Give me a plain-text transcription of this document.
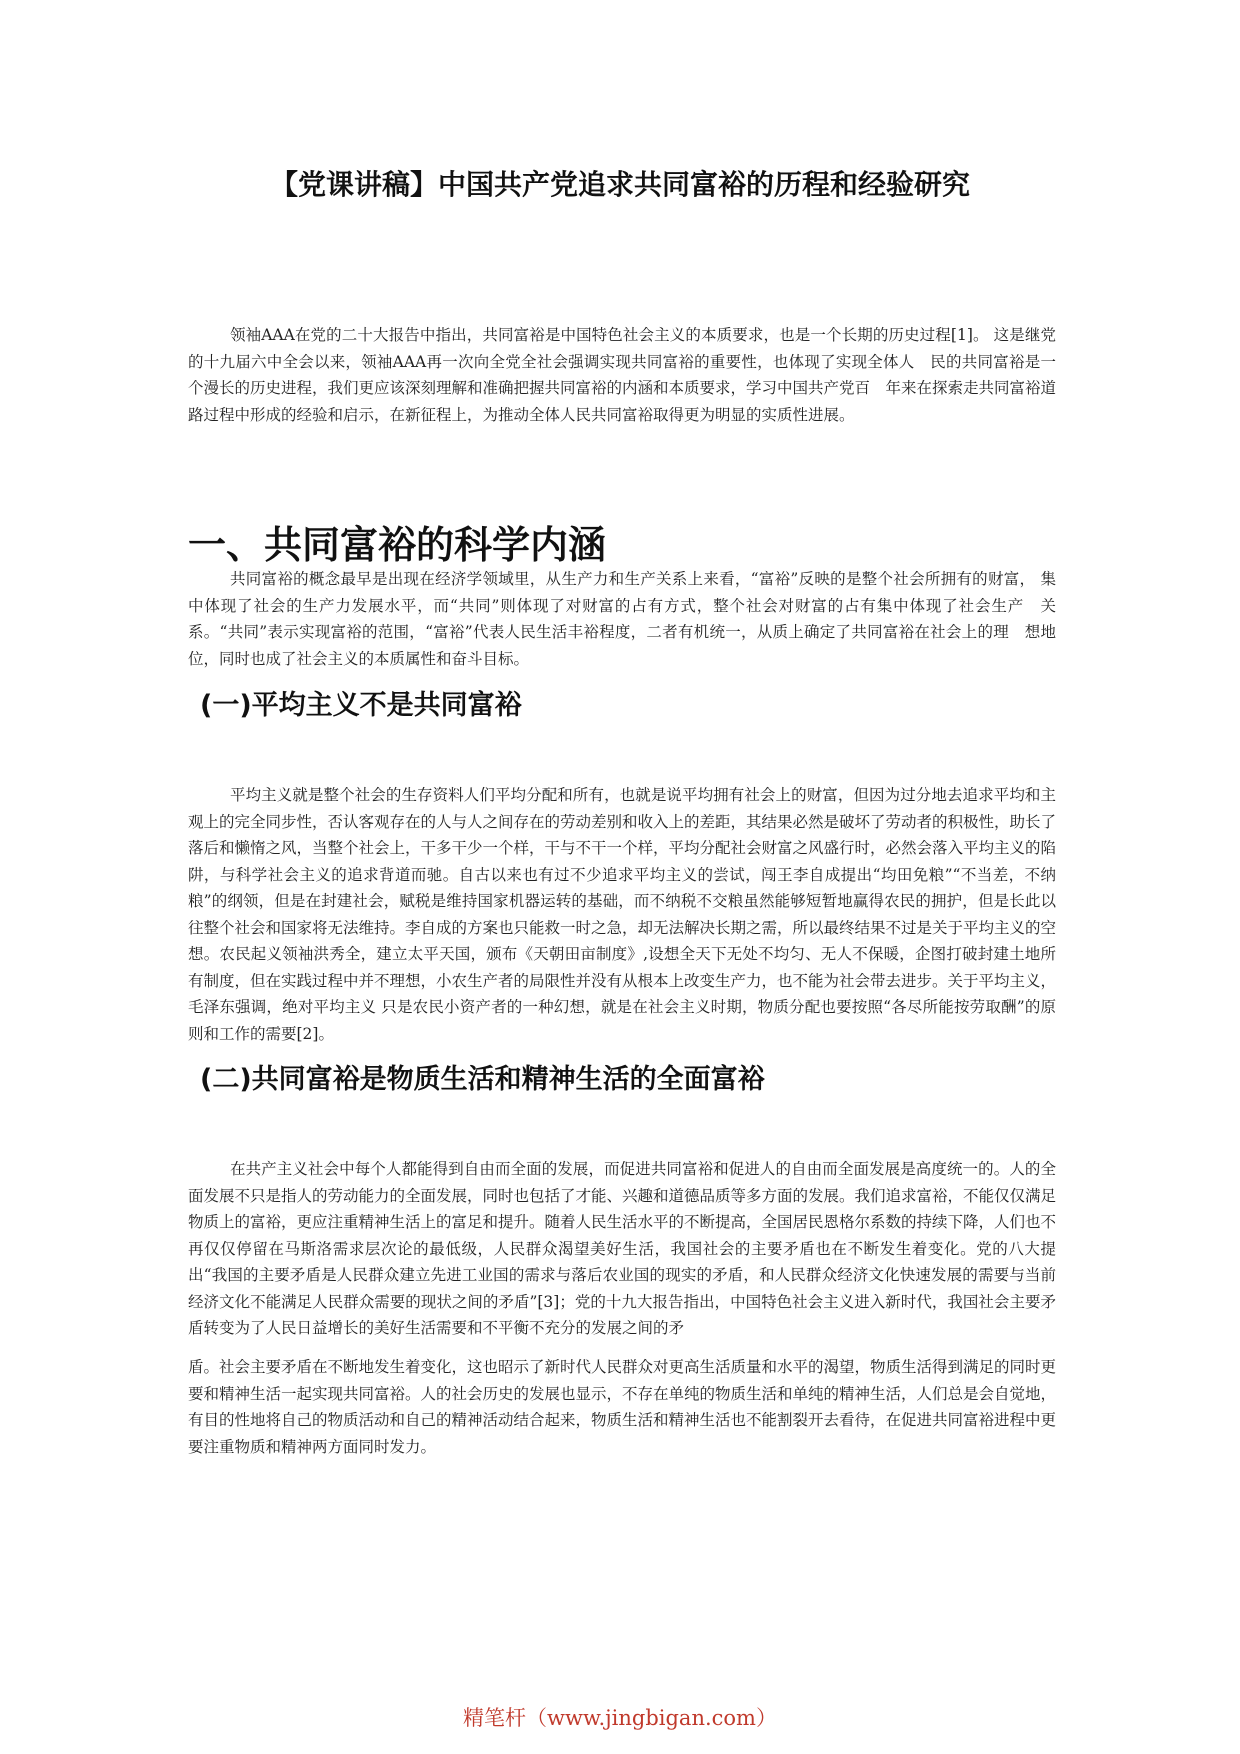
【党课讲稿】中国共产党追求共同富裕的历程和经验研究

领袖AAA在党的二十大报告中指出，共同富裕是中国特色社会主义的本质要求，也是一个长期的历史过程[1]。 这是继党的十九届六中全会以来，领袖AAA再一次向全党全社会强调实现共同富裕的重要性，也体现了实现全体人　民的共同富裕是一个漫长的历史进程，我们更应该深刻理解和准确把握共同富裕的内涵和本质要求，学习中国共产党百　年来在探索走共同富裕道路过程中形成的经验和启示，在新征程上，为推动全体人民共同富裕取得更为明显的实质性进展。

一、共同富裕的科学内涵

共同富裕的概念最早是出现在经济学领域里，从生产力和生产关系上来看，“富裕”反映的是整个社会所拥有的财富， 集中体现了社会的生产力发展水平，而“共同”则体现了对财富的占有方式，整个社会对财富的占有集中体现了社会生产　关系。“共同”表示实现富裕的范围，“富裕”代表人民生活丰裕程度，二者有机统一，从质上确定了共同富裕在社会上的理　想地位，同时也成了社会主义的本质属性和奋斗目标。

(一)平均主义不是共同富裕

平均主义就是整个社会的生存资料人们平均分配和所有，也就是说平均拥有社会上的财富，但因为过分地去追求平均和主观上的完全同步性，否认客观存在的人与人之间存在的劳动差别和收入上的差距，其结果必然是破坏了劳动者的积极性，助长了落后和懒惰之风，当整个社会上，干多干少一个样，干与不干一个样，平均分配社会财富之风盛行时，必然会落入平均主义的陷阱，与科学社会主义的追求背道而驰。自古以来也有过不少追求平均主义的尝试，闯王李自成提出“均田免粮”“不当差，不纳粮”的纲领，但是在封建社会，赋税是维持国家机器运转的基础，而不纳税不交粮虽然能够短暂地赢得农民的拥护，但是长此以往整个社会和国家将无法维持。李自成的方案也只能救一时之急，却无法解决长期之需，所以最终结果不过是关于平均主义的空想。农民起义领袖洪秀全，建立太平天国，颁布《天朝田亩制度》,设想全天下无处不均匀、无人不保暖，企图打破封建土地所有制度，但在实践过程中并不理想，小农生产者的局限性并没有从根本上改变生产力，也不能为社会带去进步。关于平均主义，毛泽东强调，绝对平均主义 只是农民小资产者的一种幻想，就是在社会主义时期，物质分配也要按照“各尽所能按劳取酬”的原则和工作的需要[2]。

(二)共同富裕是物质生活和精神生活的全面富裕

在共产主义社会中每个人都能得到自由而全面的发展，而促进共同富裕和促进人的自由而全面发展是高度统一的。人的全面发展不只是指人的劳动能力的全面发展，同时也包括了才能、兴趣和道德品质等多方面的发展。我们追求富裕，不能仅仅满足物质上的富裕，更应注重精神生活上的富足和提升。随着人民生活水平的不断提高，全国居民恩格尔系数的持续下降，人们也不再仅仅停留在马斯洛需求层次论的最低级，人民群众渴望美好生活，我国社会的主要矛盾也在不断发生着变化。党的八大提出“我国的主要矛盾是人民群众建立先进工业国的需求与落后农业国的现实的矛盾，和人民群众经济文化快速发展的需要与当前经济文化不能满足人民群众需要的现状之间的矛盾”[3]；党的十九大报告指出，中国特色社会主义进入新时代，我国社会主要矛盾转变为了人民日益增长的美好生活需要和不平衡不充分的发展之间的矛

盾。社会主要矛盾在不断地发生着变化，这也昭示了新时代人民群众对更高生活质量和水平的渴望，物质生活得到满足的同时更要和精神生活一起实现共同富裕。人的社会历史的发展也显示，不存在单纯的物质生活和单纯的精神生活，人们总是会自觉地，有目的性地将自己的物质活动和自己的精神活动结合起来，物质生活和精神生活也不能割裂开去看待，在促进共同富裕进程中更要注重物质和精神两方面同时发力。

精笔杆（www.jingbigan.com）
